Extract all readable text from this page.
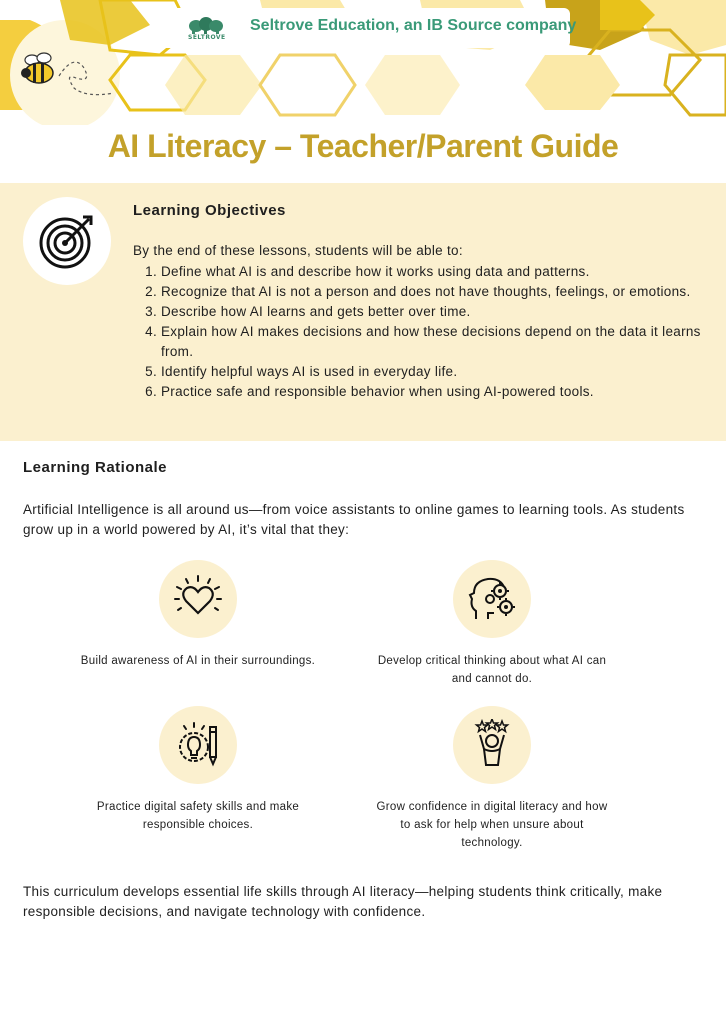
SELTROVE
Seltrove Education, an IB Source company
AI Literacy – Teacher/Parent Guide
Learning Objectives
By the end of these lessons, students will be able to:
1. Define what AI is and describe how it works using data and patterns.
2. Recognize that AI is not a person and does not have thoughts, feelings, or emotions.
3. Describe how AI learns and gets better over time.
4. Explain how AI makes decisions and how these decisions depend on the data it learns from.
5. Identify helpful ways AI is used in everyday life.
6. Practice safe and responsible behavior when using AI-powered tools.
Learning Rationale
Artificial Intelligence is all around us—from voice assistants to online games to learning tools. As students grow up in a world powered by AI, it’s vital that they:
Build awareness of AI in their surroundings.	Develop critical thinking about what AI can and cannot do.
Practice digital safety skills and make responsible choices.
Grow confidence in digital literacy and how to ask for help when unsure about technology.
This curriculum develops essential life skills through AI literacy—helping students think critically, make responsible decisions, and navigate technology with confidence.
